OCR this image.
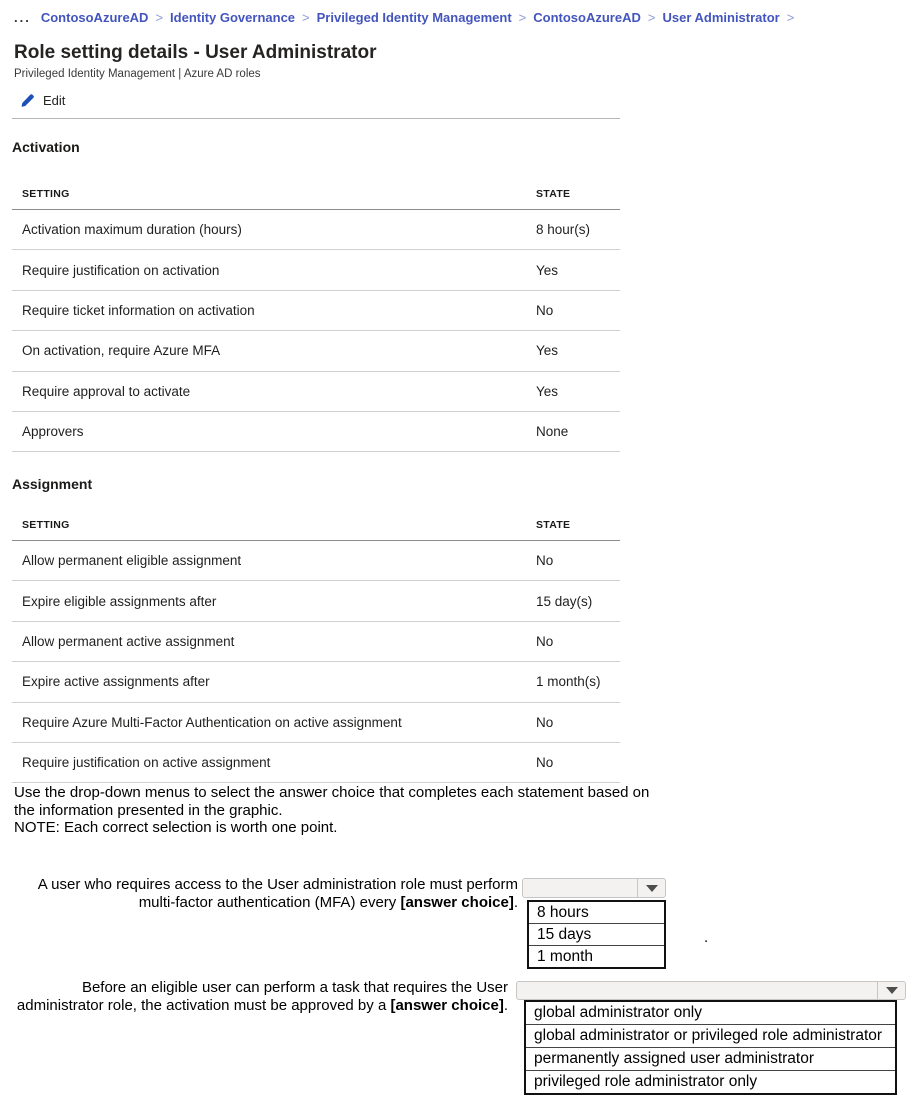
... ContosoAzureAD > Identity Governance > Privileged Identity Management > ContosoAzureAD > User Administrator >
Role setting details - User Administrator
Privileged Identity Management | Azure AD roles
Edit
Activation
SETTING	STATE
Activation maximum duration (hours)	8 hour(s)
Require justification on activation	Yes
Require ticket information on activation	No
On activation, require Azure MFA	Yes
Require approval to activate	Yes
Approvers	None
Assignment
SETTING	STATE
Allow permanent eligible assignment	No
Expire eligible assignments after	15 day(s)
Allow permanent active assignment	No
Expire active assignments after	1 month(s)
Require Azure Multi-Factor Authentication on active assignment	No
Require justification on active assignment	No
Use the drop-down menus to select the answer choice that completes each statement based on
the information presented in the graphic.
NOTE: Each correct selection is worth one point.
A user who requires access to the User administration role must perform
multi-factor authentication (MFA) every [answer choice].
8 hours
15 days
1 month
.
Before an eligible user can perform a task that requires the User
administrator role, the activation must be approved by a [answer choice].	global administrator only
global administrator or privileged role administrator
permanently assigned user administrator
privileged role administrator only
